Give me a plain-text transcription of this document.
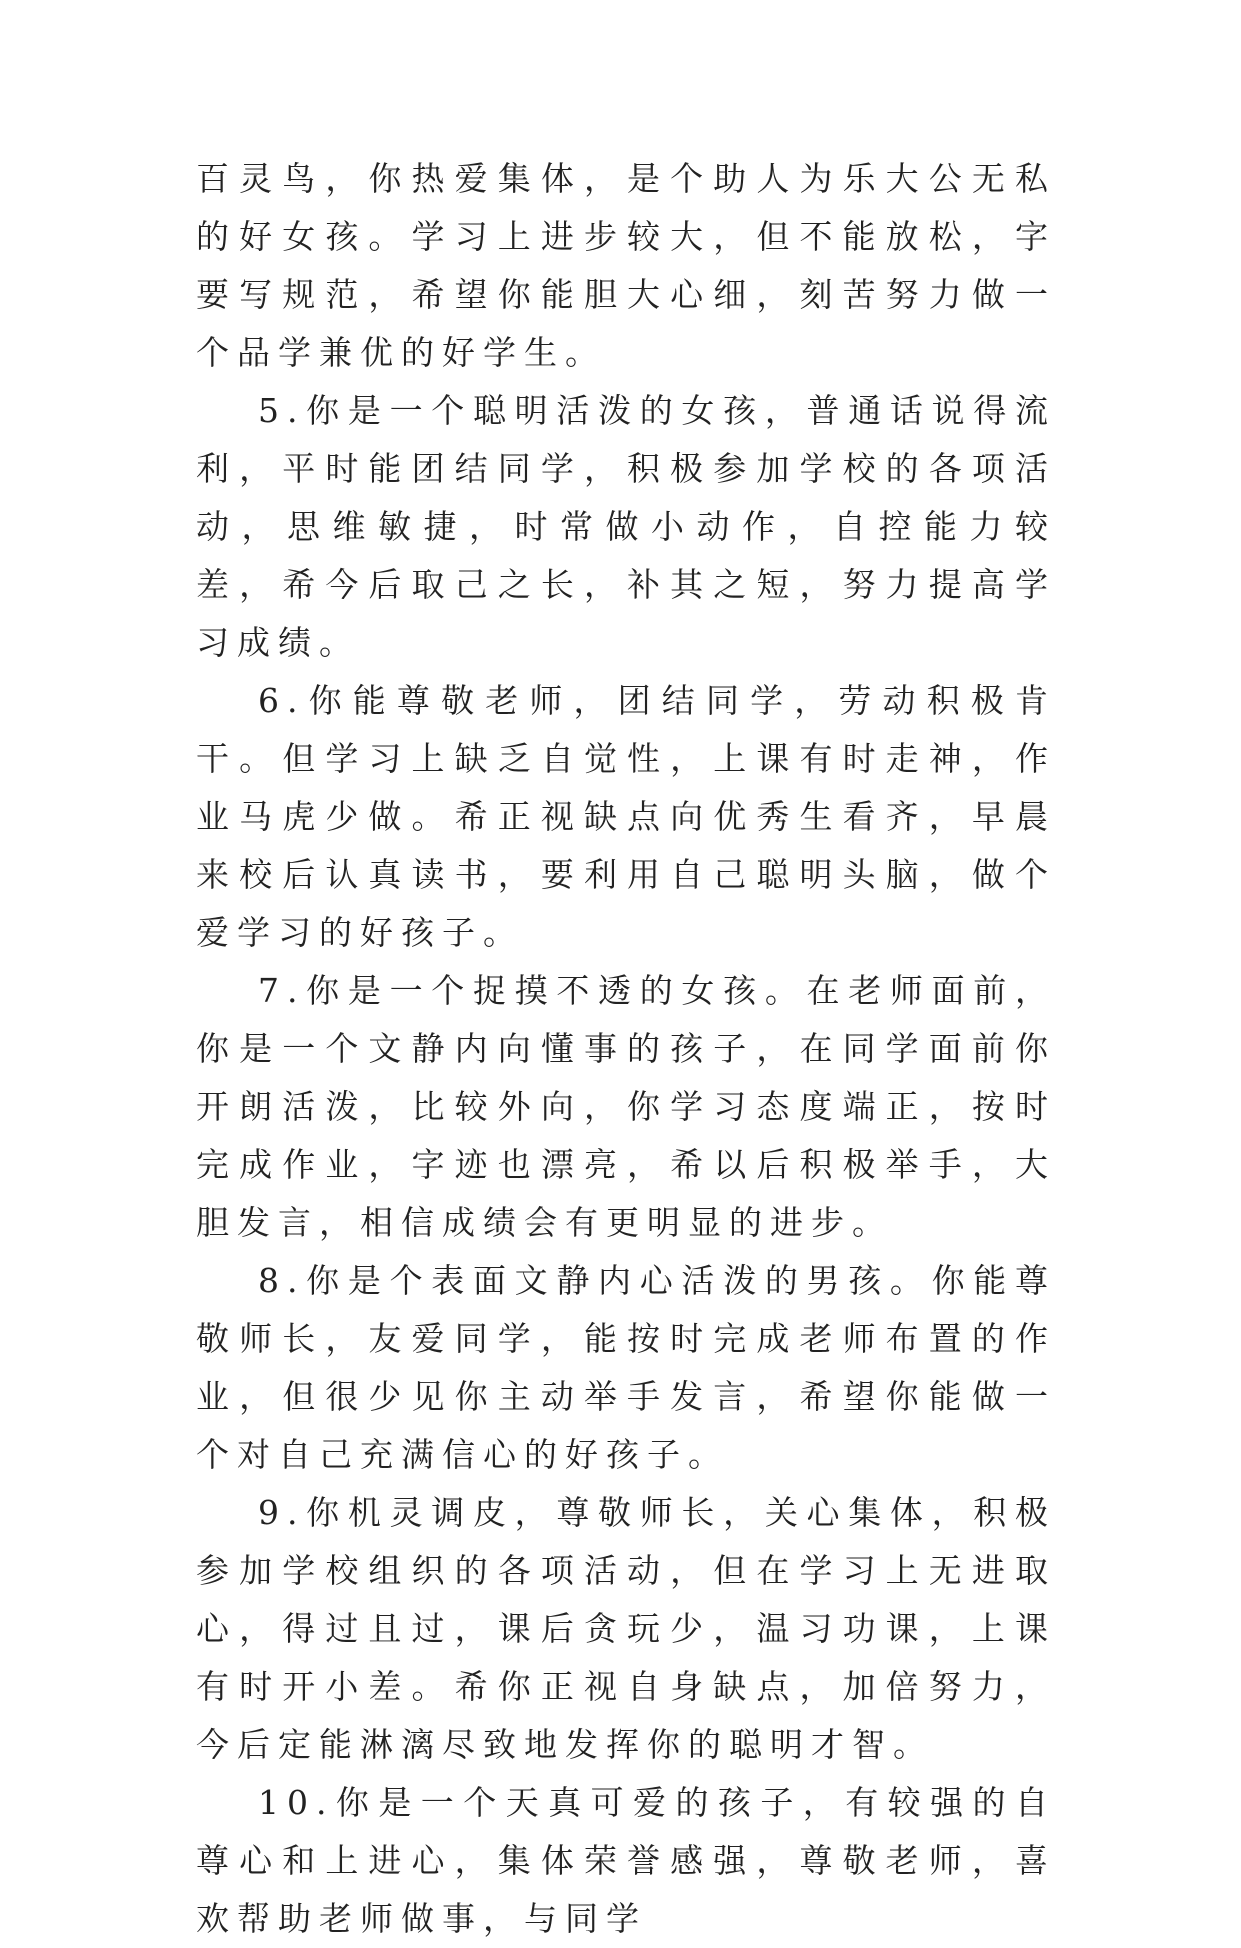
百灵鸟，你热爱集体，是个助人为乐大公无私的好女孩。学习上进步较大，但不能放松，字要写规范，希望你能胆大心细，刻苦努力做一个品学兼优的好学生。

5.你是一个聪明活泼的女孩，普通话说得流利，平时能团结同学，积极参加学校的各项活动，思维敏捷，时常做小动作，自控能力较差，希今后取己之长，补其之短，努力提高学习成绩。

6.你能尊敬老师，团结同学，劳动积极肯干。但学习上缺乏自觉性，上课有时走神，作业马虎少做。希正视缺点向优秀生看齐，早晨来校后认真读书，要利用自己聪明头脑，做个爱学习的好孩子。

7.你是一个捉摸不透的女孩。在老师面前，你是一个文静内向懂事的孩子，在同学面前你开朗活泼，比较外向，你学习态度端正，按时完成作业，字迹也漂亮，希以后积极举手，大胆发言，相信成绩会有更明显的进步。

8.你是个表面文静内心活泼的男孩。你能尊敬师长，友爱同学，能按时完成老师布置的作业，但很少见你主动举手发言，希望你能做一个对自己充满信心的好孩子。

9.你机灵调皮，尊敬师长，关心集体，积极参加学校组织的各项活动，但在学习上无进取心，得过且过，课后贪玩少，温习功课，上课有时开小差。希你正视自身缺点，加倍努力，今后定能淋漓尽致地发挥你的聪明才智。

10.你是一个天真可爱的孩子，有较强的自尊心和上进心，集体荣誉感强，尊敬老师，喜欢帮助老师做事，与同学
